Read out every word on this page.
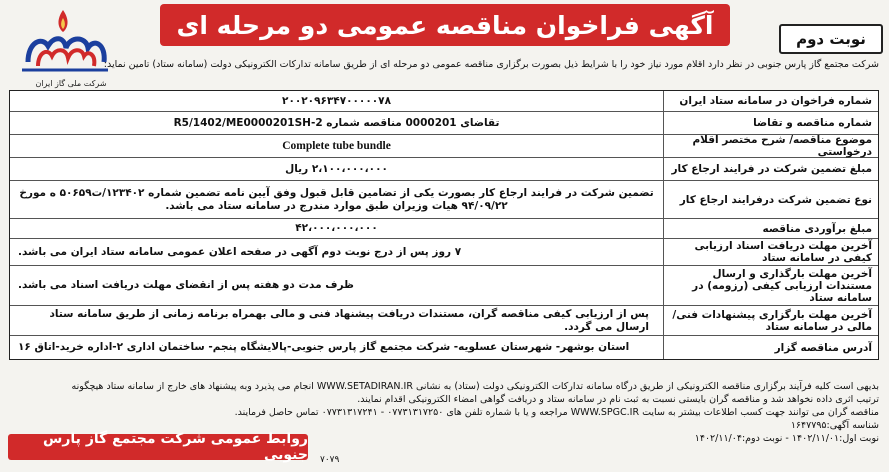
آگهی فراخوان مناقصه عمومی دو مرحله ای	نوبت دوم
شرکت ملی گاز ایران
شرکت مجتمع گاز پارس جنوبی در نظر دارد اقلام مورد نیاز خود را با شرایط ذیل بصورت برگزاری مناقصه عمومی دو مرحله ای از طریق سامانه تدارکات الکترونیکی دولت (سامانه ستاد) تامین نماید:
شماره فراخوان در سامانه ستاد ایران
۲۰۰۲۰۹۶۳۴۷۰۰۰۰۰۷۸
شماره مناقصه و تقاضا
تقاضای 0000201 مناقصه شماره R5/1402/ME0000201SH-2
موضوع مناقصه/ شرح مختصر اقلام درخواستی
Complete tube bundle
مبلغ تضمین شرکت در فرایند ارجاع کار
۲،۱۰۰،۰۰۰،۰۰۰ ریال
نوع تضمین شرکت درفرایند ارجاع کار
تضمین شرکت در فرایند ارجاع کار بصورت یکی از تضامین قابل قبول وفق آیین نامه تضمین شماره ۱۲۳۴۰۲/ت۵۰۶۵۹ ه مورخ ۹۴/۰۹/۲۲ هیات وزیران طبق موارد مندرج در سامانه ستاد می باشد.
مبلغ برآوردی مناقصه
۴۲،۰۰۰،۰۰۰،۰۰۰
آخرین مهلت دریافت اسناد ارزیابی کیفی در سامانه ستاد
۷ روز پس از درج نوبت دوم آگهی در صفحه اعلان عمومی سامانه ستاد ایران می باشد.
آخرین مهلت بارگذاری و ارسال مستندات ارزیابی کیفی (رزومه) در سامانه ستاد
ظرف مدت دو هفته پس از انقضای مهلت دریافت اسناد می باشد.
آخرین مهلت بارگزاری پیشنهادات فنی/ مالی در سامانه ستاد
پس از ارزیابی کیفی مناقصه گران، مستندات دریافت پیشنهاد فنی و مالی بهمراه برنامه زمانی از طریق سامانه ستاد ارسال می گردد.
آدرس مناقصه گزار
استان بوشهر- شهرستان عسلویه- شرکت مجتمع گاز پارس جنوبی-پالایشگاه پنجم- ساختمان اداری ۲-اداره خرید-اتاق ۱۶
بدیهی است کلیه فرآیند برگزاری مناقصه الکترونیکی از طریق درگاه سامانه تدارکات الکترونیکی دولت (ستاد) به نشانی WWW.SETADIRAN.IR انجام می پذیرد وبه پیشنهاد های خارج از سامانه ستاد هیچگونه
ترتیب اثری داده نخواهد شد و مناقصه گران بایستی نسبت به ثبت نام در سامانه ستاد و دریافت گواهی امضاء الکترونیکی اقدام نمایند.
مناقصه گران می توانند جهت کسب اطلاعات بیشتر به سایت WWW.SPGC.IR مراجعه و یا با شماره تلفن های ۰۷۷۳۱۳۱۷۲۵۰ - ۰۷۷۳۱۳۱۷۲۴۱ تماس حاصل فرمایند.
شناسه آگهی:۱۶۴۷۷۹۵
نوبت اول:۱۴۰۲/۱۱/۰۱ - نوبت دوم:۱۴۰۲/۱۱/۰۴
روابط عمومی شرکت مجتمع گاز پارس جنوبی ۷۰۷۹
